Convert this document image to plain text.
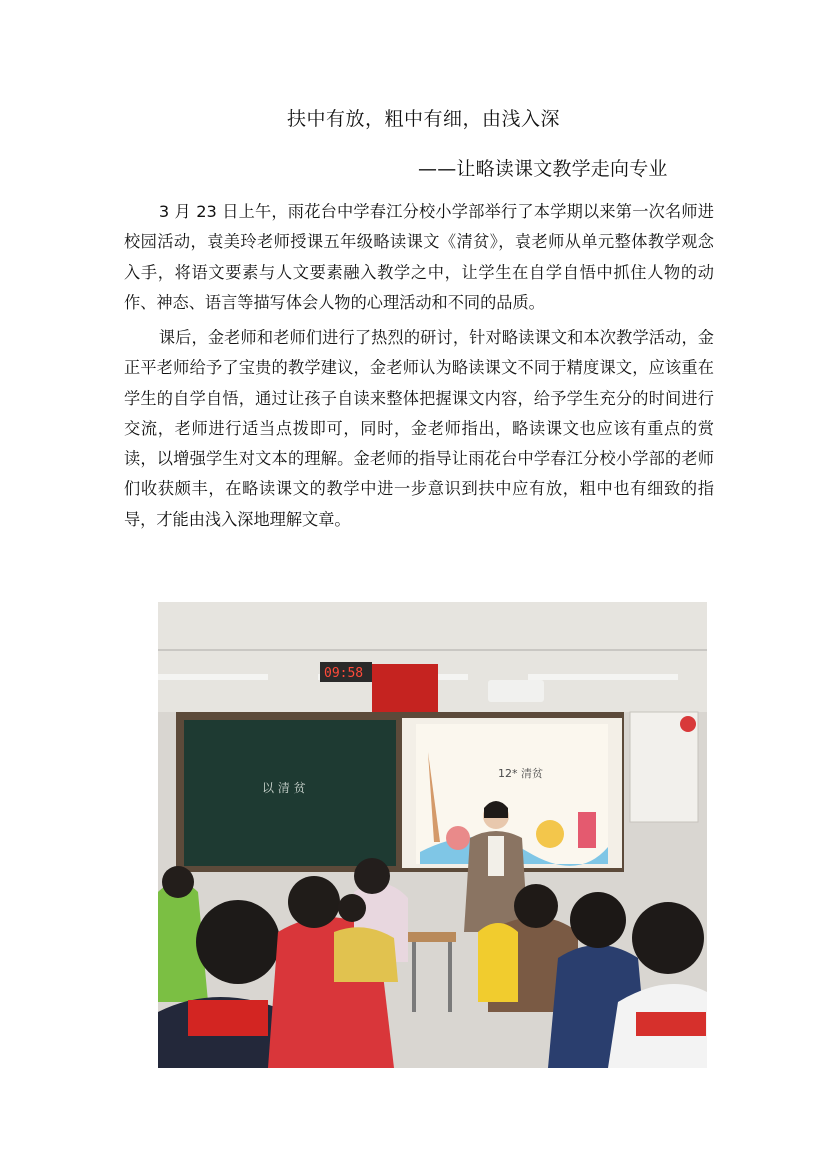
扶中有放，粗中有细，由浅入深
——让略读课文教学走向专业

3 月 23 日上午，雨花台中学春江分校小学部举行了本学期以来第一次名师进校园活动，袁美玲老师授课五年级略读课文《清贫》，袁老师从单元整体教学观念入手，将语文要素与人文要素融入教学之中，让学生在自学自悟中抓住人物的动作、神态、语言等描写体会人物的心理活动和不同的品质。

课后，金老师和老师们进行了热烈的研讨，针对略读课文和本次教学活动，金正平老师给予了宝贵的教学建议，金老师认为略读课文不同于精度课文，应该重在学生的自学自悟，通过让孩子自读来整体把握课文内容，给予学生充分的时间进行交流，老师进行适当点拨即可，同时，金老师指出，略读课文也应该有重点的赏读，以增强学生对文本的理解。金老师的指导让雨花台中学春江分校小学部的老师们收获颇丰，在略读课文的教学中进一步意识到扶中应有放，粗中也有细致的指导，才能由浅入深地理解文章。

09:58
以 清 贫
12* 清贫
